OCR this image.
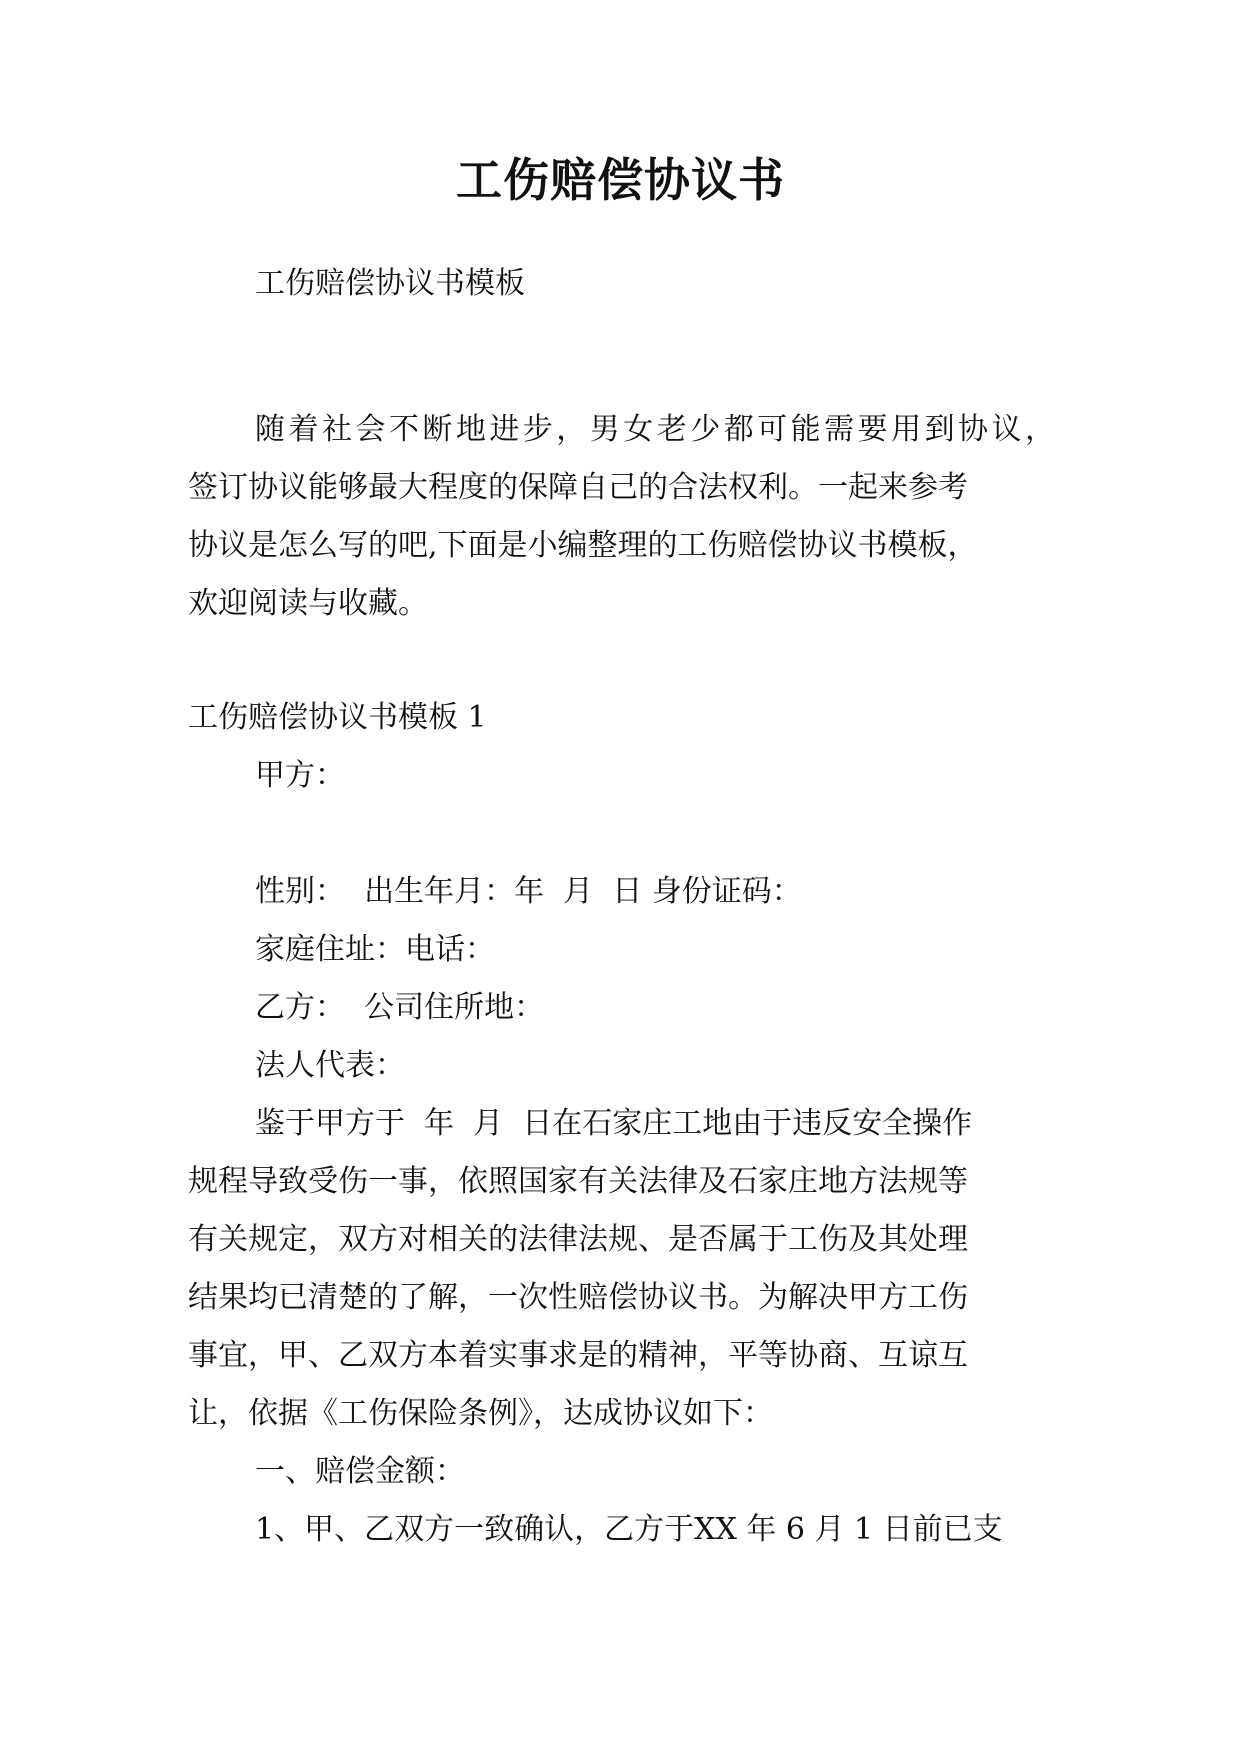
工伤赔偿协议书
工伤赔偿协议书模板
随着社会不断地进步，男女老少都可能需要用到协议，
签订协议能够最大程度的保障自己的合法权利。一起来参考
协议是怎么写的吧,下面是小编整理的工伤赔偿协议书模板，
欢迎阅读与收藏。
工伤赔偿协议书模板 1
甲方：
性别：  出生年月：年  月  日 身份证码：
家庭住址：电话：
乙方：  公司住所地：
法人代表：
鉴于甲方于  年  月  日在石家庄工地由于违反安全操作
规程导致受伤一事，依照国家有关法律及石家庄地方法规等
有关规定，双方对相关的法律法规、是否属于工伤及其处理
结果均已清楚的了解，一次性赔偿协议书。为解决甲方工伤
事宜，甲、乙双方本着实事求是的精神，平等协商、互谅互
让，依据《工伤保险条例》，达成协议如下：
一、赔偿金额：
1、甲、乙双方一致确认，乙方于XX 年 6 月 1 日前已支
